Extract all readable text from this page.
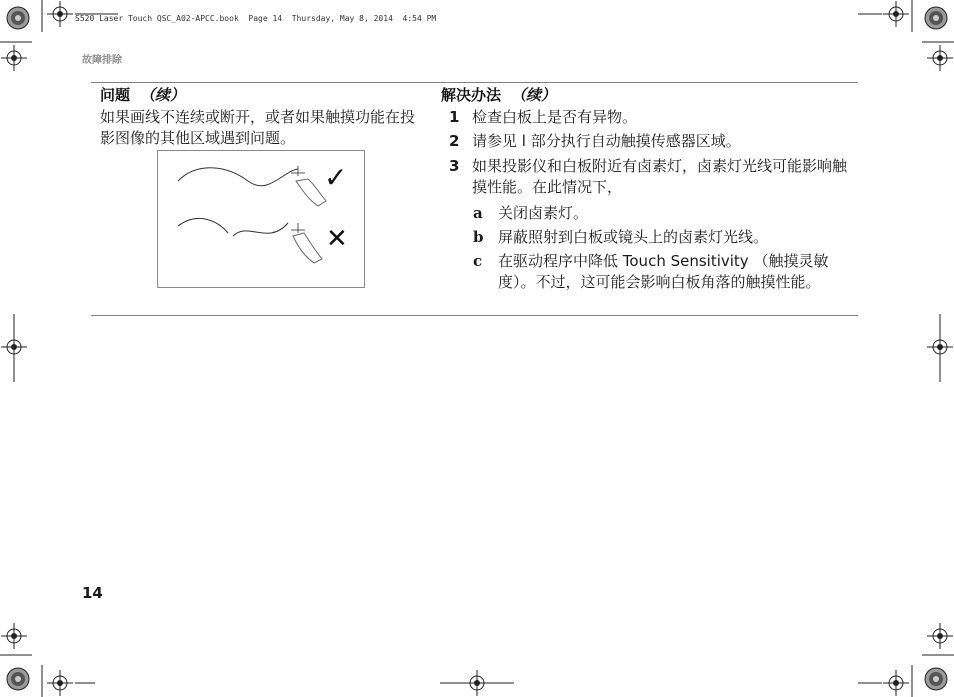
S520 Laser Touch QSC_A02-APCC.book  Page 14  Thursday, May 8, 2014  4:54 PM
故障排除
问题 （续）	解决办法 （续）
如果画线不连续或断开，或者如果触摸功能在投影图像的其他区域遇到问题。
✓
✕
1 检查白板上是否有异物。
2 请参见 l 部分执行自动触摸传感器区域。
3 如果投影仪和白板附近有卤素灯，卤素灯光线可能影响触摸性能。在此情况下，
a 关闭卤素灯。
b 屏蔽照射到白板或镜头上的卤素灯光线。
c 在驱动程序中降低 Touch Sensitivity （触摸灵敏度）。不过，这可能会影响白板角落的触摸性能。
14
